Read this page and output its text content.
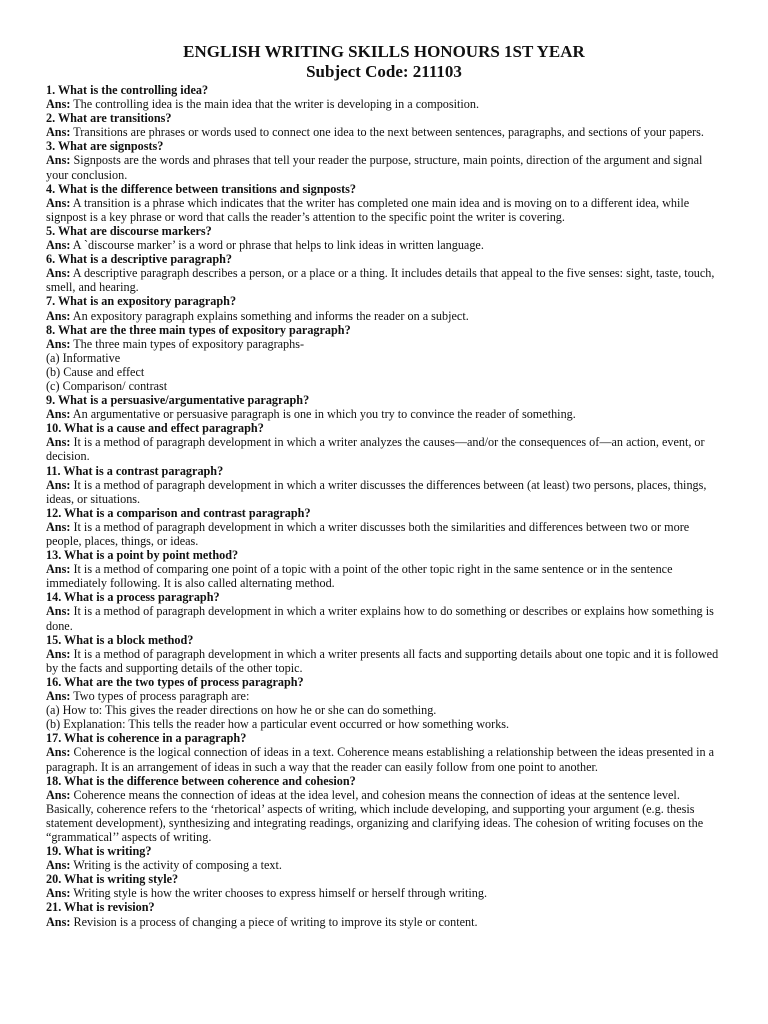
ENGLISH WRITING SKILLS HONOURS 1ST YEAR
Subject Code: 211103
1. What is the controlling idea?
Ans: The controlling idea is the main idea that the writer is developing in a composition.
2. What are transitions?
Ans: Transitions are phrases or words used to connect one idea to the next between sentences, paragraphs, and sections of your papers.
3. What are signposts?
Ans: Signposts are the words and phrases that tell your reader the purpose, structure, main points, direction of the argument and signal your conclusion.
4. What is the difference between transitions and signposts?
Ans: A transition is a phrase which indicates that the writer has completed one main idea and is moving on to a different idea, while signpost is a key phrase or word that calls the reader’s attention to the specific point the writer is covering.
5. What are discourse markers?
Ans: A `discourse marker’ is a word or phrase that helps to link ideas in written language.
6. What is a descriptive paragraph?
Ans: A descriptive paragraph describes a person, or a place or a thing. It includes details that appeal to the five senses: sight, taste, touch, smell, and hearing.
7. What is an expository paragraph?
Ans: An expository paragraph explains something and informs the reader on a subject.
8. What are the three main types of expository paragraph?
Ans: The three main types of expository paragraphs-
(a) Informative
(b) Cause and effect
(c) Comparison/ contrast
9. What is a persuasive/argumentative paragraph?
Ans: An argumentative or persuasive paragraph is one in which you try to convince the reader of something.
10. What is a cause and effect paragraph?
Ans: It is a method of paragraph development in which a writer analyzes the causes—and/or the consequences of—an action, event, or decision.
11. What is a contrast paragraph?
Ans: It is a method of paragraph development in which a writer discusses the differences between (at least) two persons, places, things, ideas, or situations.
12. What is a comparison and contrast paragraph?
Ans: It is a method of paragraph development in which a writer discusses both the similarities and differences between two or more people, places, things, or ideas.
13. What is a point by point method?
Ans: It is a method of comparing one point of a topic with a point of the other topic right in the same sentence or in the sentence immediately following. It is also called alternating method.
14. What is a process paragraph?
Ans: It is a method of paragraph development in which a writer explains how to do something or describes or explains how something is done.
15. What is a block method?
Ans: It is a method of paragraph development in which a writer presents all facts and supporting details about one topic and it is followed by the facts and supporting details of the other topic.
16. What are the two types of process paragraph?
Ans: Two types of process paragraph are:
(a) How to: This gives the reader directions on how he or she can do something.
(b) Explanation: This tells the reader how a particular event occurred or how something works.
17. What is coherence in a paragraph?
Ans: Coherence is the logical connection of ideas in a text. Coherence means establishing a relationship between the ideas presented in a paragraph. It is an arrangement of ideas in such a way that the reader can easily follow from one point to another.
18. What is the difference between coherence and cohesion?
Ans: Coherence means the connection of ideas at the idea level, and cohesion means the connection of ideas at the sentence level. Basically, coherence refers to the ‘rhetorical’ aspects of writing, which include developing, and supporting your argument (e.g. thesis statement development), synthesizing and integrating readings, organizing and clarifying ideas. The cohesion of writing focuses on the “grammatical’’ aspects of writing.
19. What is writing?
Ans: Writing is the activity of composing a text.
20. What is writing style?
Ans: Writing style is how the writer chooses to express himself or herself through writing.
21. What is revision?
Ans: Revision is a process of changing a piece of writing to improve its style or content.
